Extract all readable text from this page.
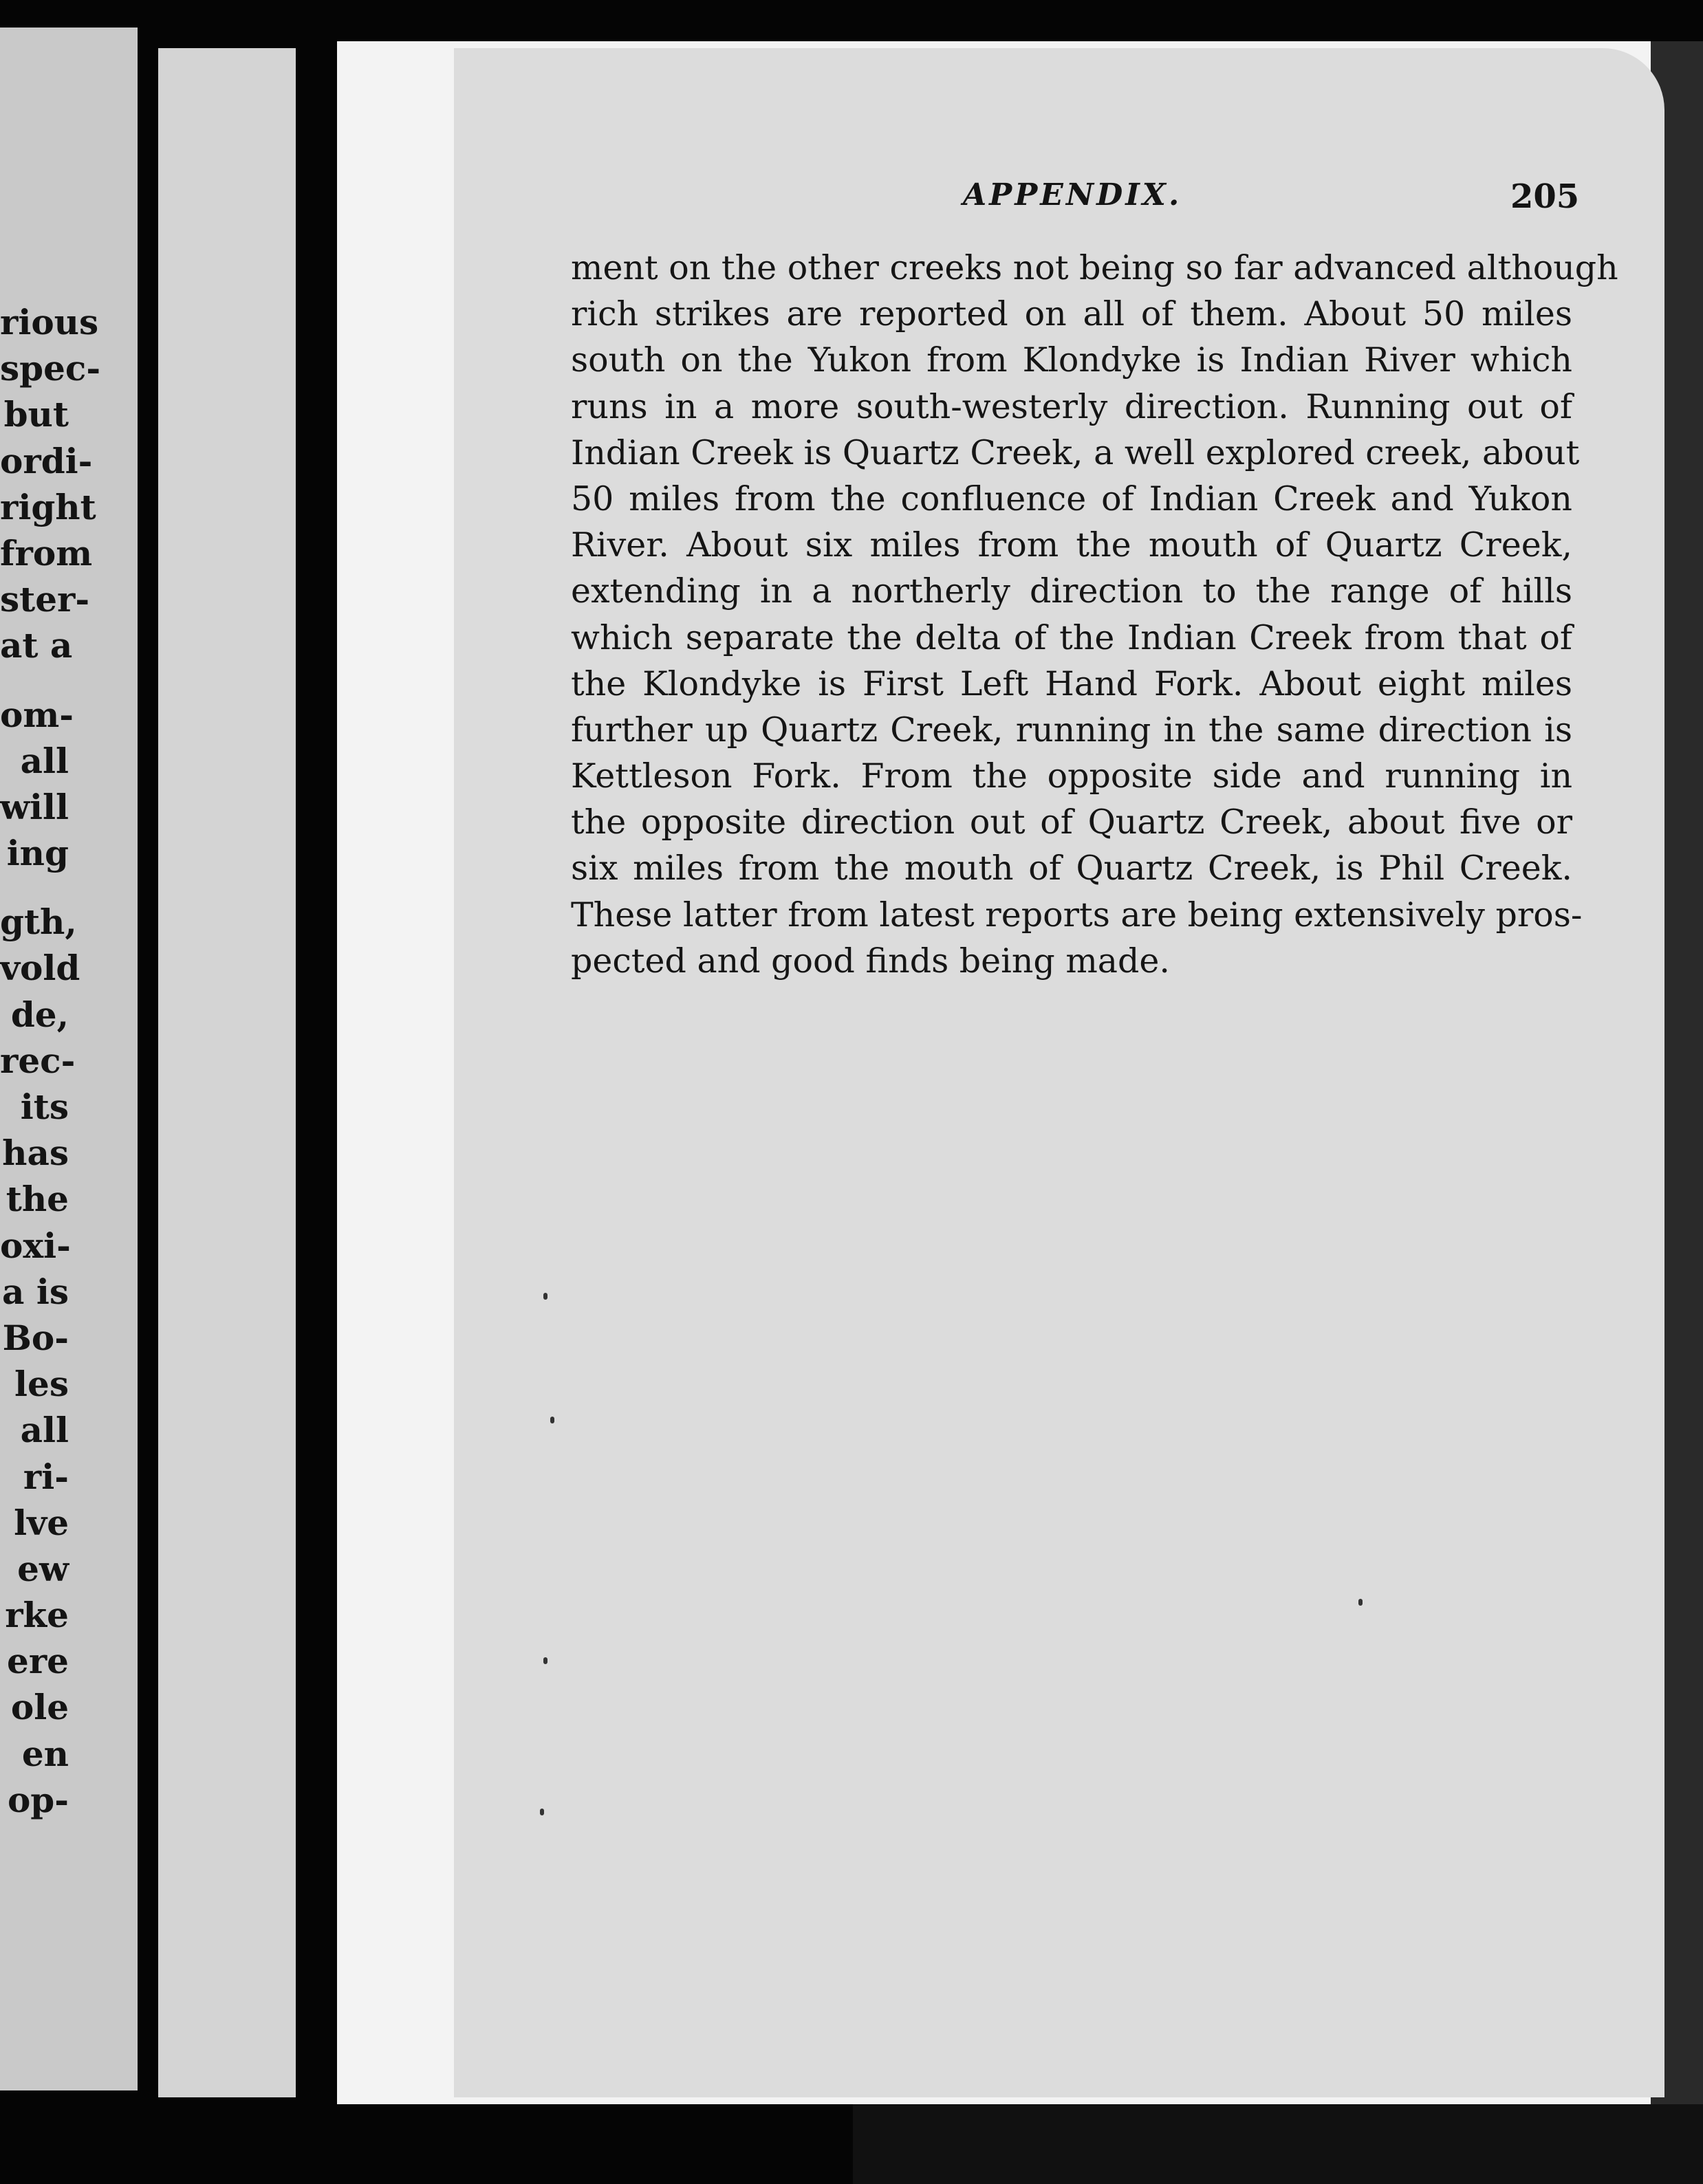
rious
spec-
but
ordi-
right
from
ster-
at a
om-
all
will
ing
gth,
vold
de,
rec-
its
has
the
oxi-
a is
Bo-
les
all
ri-
lve
ew
rke
ere
ole
en
op-
APPENDIX.	205
ment on the other creeks not being so far advanced although
rich strikes are reported on all of them. About 50 miles
south on the Yukon from Klondyke is Indian River which
runs in a more south-westerly direction. Running out of
Indian Creek is Quartz Creek, a well explored creek, about
50 miles from the confluence of Indian Creek and Yukon
River. About six miles from the mouth of Quartz Creek,
extending in a northerly direction to the range of hills
which separate the delta of the Indian Creek from that of
the Klondyke is First Left Hand Fork. About eight miles
further up Quartz Creek, running in the same direction is
Kettleson Fork. From the opposite side and running in
the opposite direction out of Quartz Creek, about five or
six miles from the mouth of Quartz Creek, is Phil Creek.
These latter from latest reports are being extensively pros-
pected and good finds being made.
